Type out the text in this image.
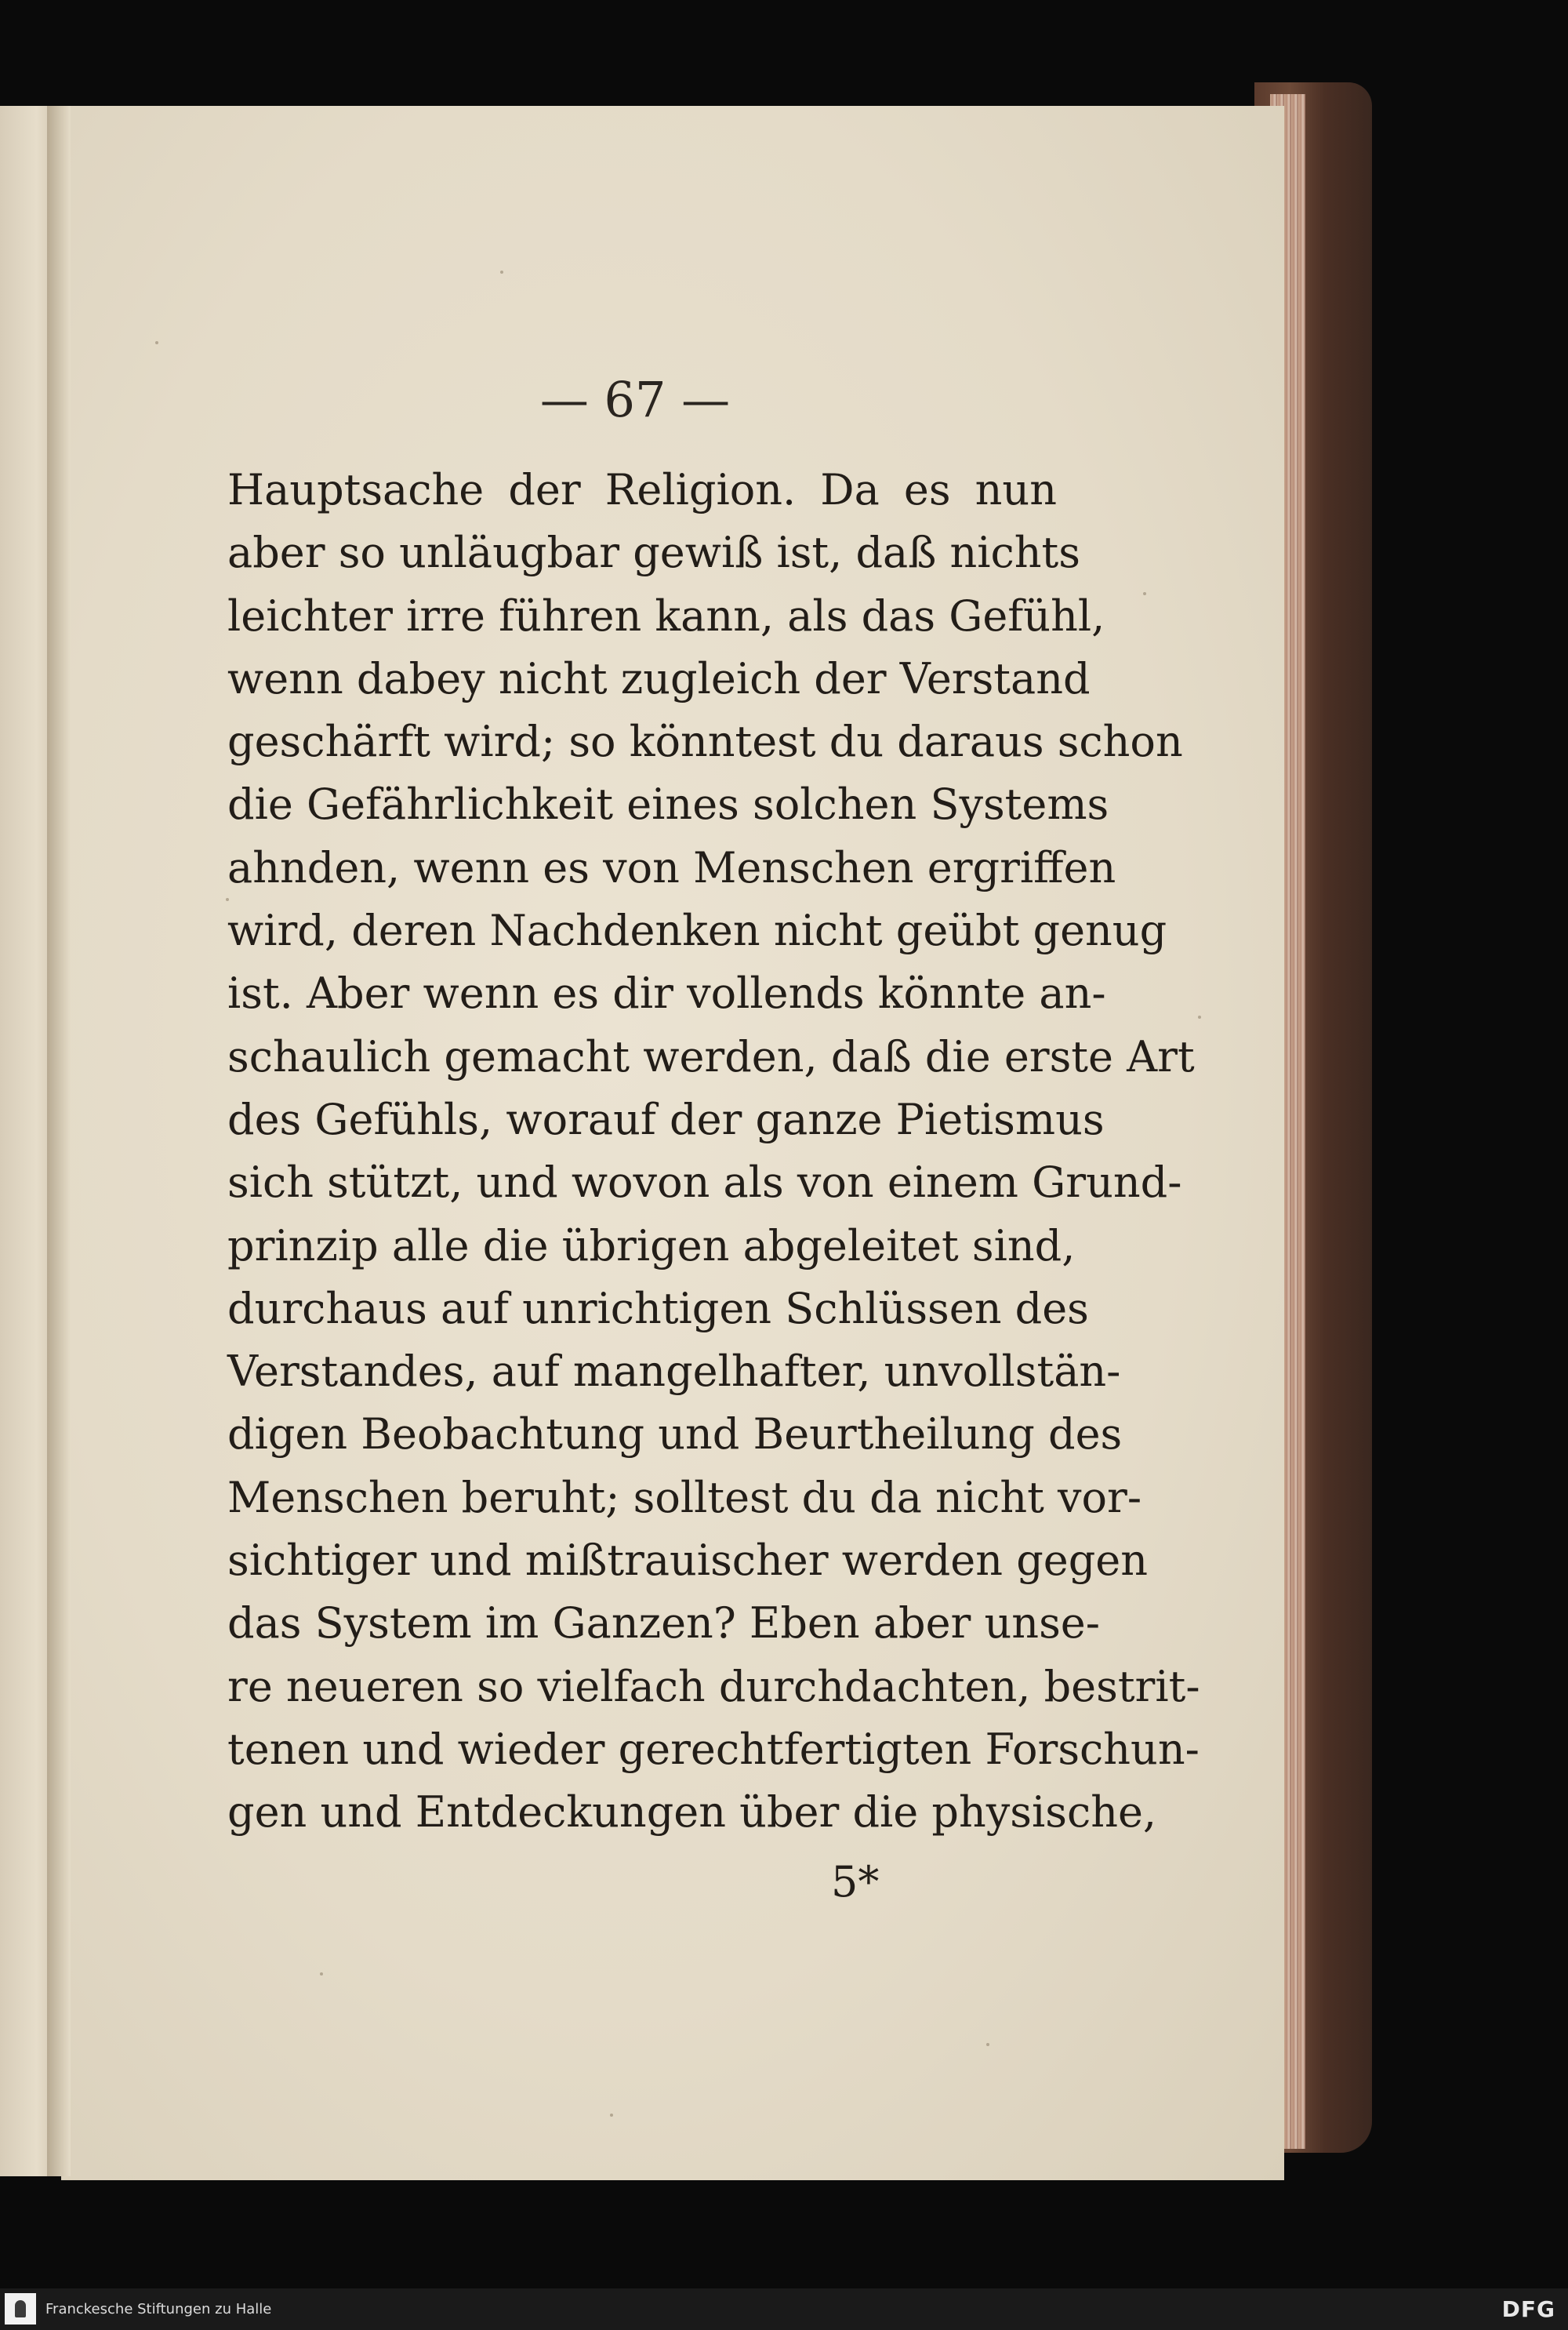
— 67 —
Hauptsache der Religion. Da es nun
aber so unläugbar gewiß ist, daß nichts
leichter irre führen kann, als das Gefühl,
wenn dabey nicht zugleich der Verstand
geschärft wird; so könntest du daraus schon
die Gefährlichkeit eines solchen Systems
ahnden, wenn es von Menschen ergriffen
wird, deren Nachdenken nicht geübt genug
ist. Aber wenn es dir vollends könnte an-
schaulich gemacht werden, daß die erste Art
des Gefühls, worauf der ganze Pietismus
sich stützt, und wovon als von einem Grund-
prinzip alle die übrigen abgeleitet sind,
durchaus auf unrichtigen Schlüssen des
Verstandes, auf mangelhafter, unvollstän-
digen Beobachtung und Beurtheilung des
Menschen beruht; solltest du da nicht vor-
sichtiger und mißtrauischer werden gegen
das System im Ganzen? Eben aber unse-
re neueren so vielfach durchdachten, bestrit-
tenen und wieder gerechtfertigten Forschun-
gen und Entdeckungen über die physische,
5*
Franckesche Stiftungen zu Halle	DFG
